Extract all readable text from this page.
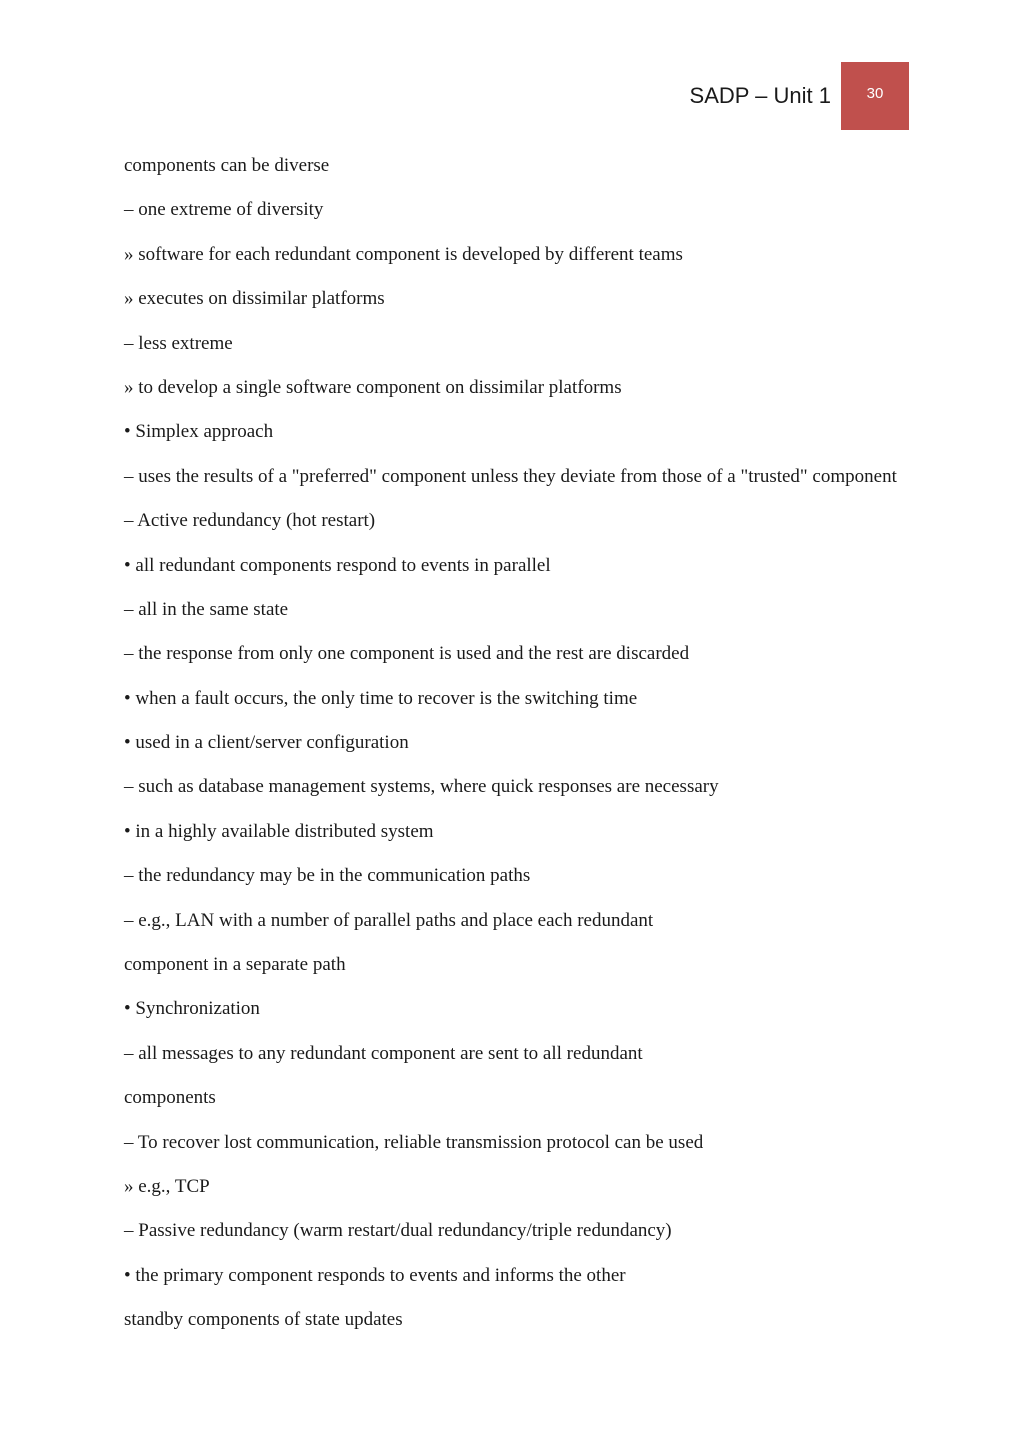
SADP – Unit 1	30

components can be diverse

– one extreme of diversity

» software for each redundant component is developed by different teams

» executes on dissimilar platforms

– less extreme

» to develop a single software component on dissimilar platforms

• Simplex approach

– uses the results of a "preferred" component unless they deviate from those of a "trusted" component

– Active redundancy (hot restart)

• all redundant components respond to events in parallel

– all in the same state

– the response from only one component is used and the rest are discarded

• when a fault occurs, the only time to recover is the switching time

• used in a client/server configuration

– such as database management systems, where quick responses are necessary

• in a highly available distributed system

– the redundancy may be in the communication paths

– e.g., LAN with a number of parallel paths and place each redundant

component in a separate path

• Synchronization

– all messages to any redundant component are sent to all redundant

components

– To recover lost communication, reliable transmission protocol can be used

» e.g., TCP

– Passive redundancy (warm restart/dual redundancy/triple redundancy)

• the primary component responds to events and informs the other

standby components of state updates
